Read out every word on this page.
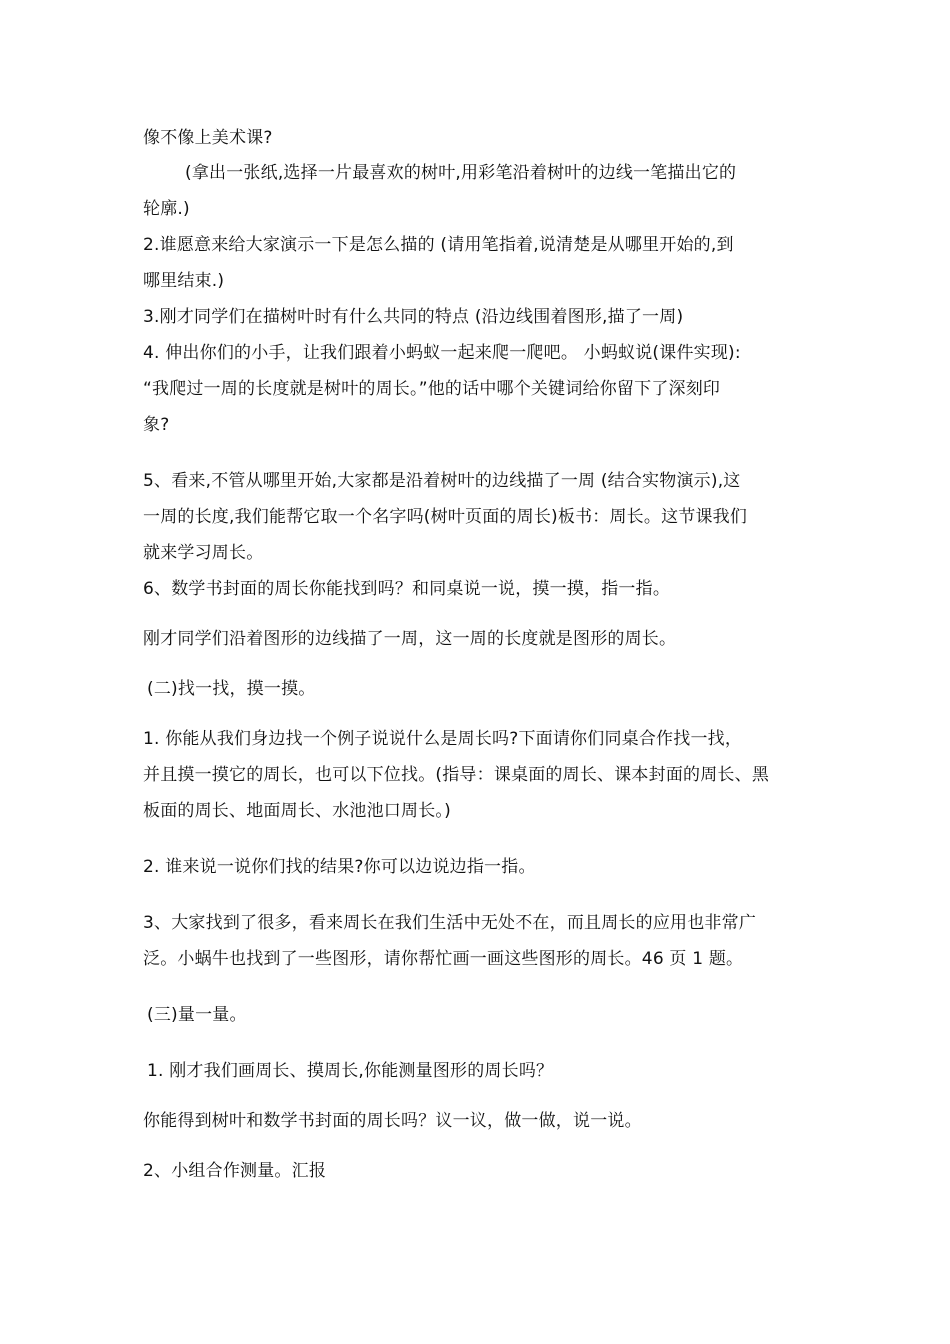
像不像上美术课?
(拿出一张纸,选择一片最喜欢的树叶,用彩笔沿着树叶的边线一笔描出它的
轮廓.)
2.谁愿意来给大家演示一下是怎么描的 (请用笔指着,说清楚是从哪里开始的,到
哪里结束.)
3.刚才同学们在描树叶时有什么共同的特点 (沿边线围着图形,描了一周)
4. 伸出你们的小手，让我们跟着小蚂蚁一起来爬一爬吧。 小蚂蚁说(课件实现):
“我爬过一周的长度就是树叶的周长。”他的话中哪个关键词给你留下了深刻印
象?
5、看来,不管从哪里开始,大家都是沿着树叶的边线描了一周 (结合实物演示),这
一周的长度,我们能帮它取一个名字吗(树叶页面的周长)板书：周长。这节课我们
就来学习周长。
6、数学书封面的周长你能找到吗？和同桌说一说，摸一摸，指一指。
刚才同学们沿着图形的边线描了一周，这一周的长度就是图形的周长。
(二)找一找，摸一摸。
1. 你能从我们身边找一个例子说说什么是周长吗?下面请你们同桌合作找一找，
并且摸一摸它的周长，也可以下位找。(指导：课桌面的周长、课本封面的周长、黑
板面的周长、地面周长、水池池口周长。)
2. 谁来说一说你们找的结果?你可以边说边指一指。
3、大家找到了很多，看来周长在我们生活中无处不在，而且周长的应用也非常广
泛。小蜗牛也找到了一些图形，请你帮忙画一画这些图形的周长。46 页 1 题。
(三)量一量。
1. 刚才我们画周长、摸周长,你能测量图形的周长吗？
你能得到树叶和数学书封面的周长吗？议一议，做一做，说一说。
2、小组合作测量。汇报
